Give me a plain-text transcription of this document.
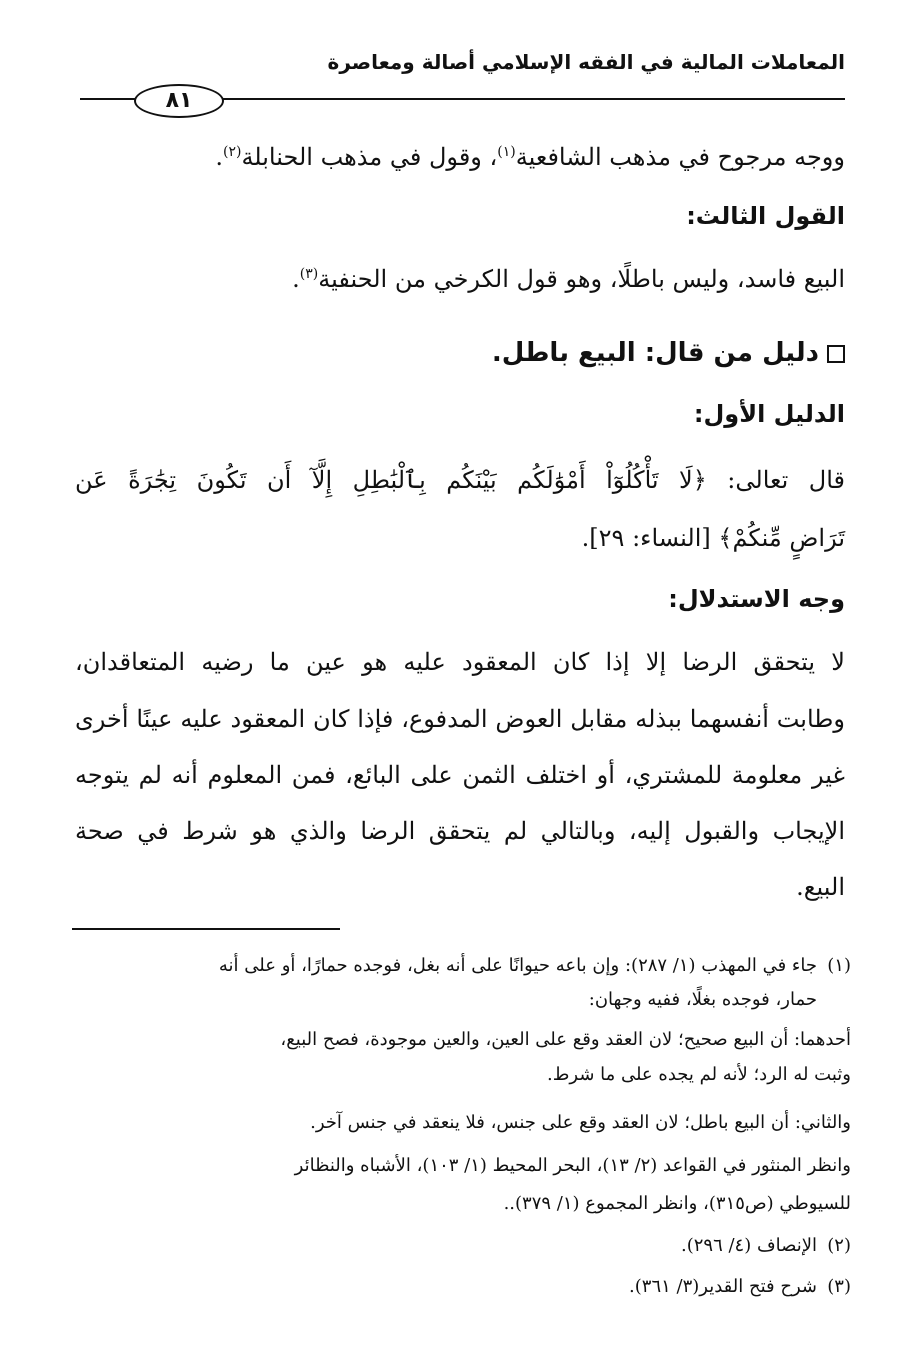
المعاملات المالية في الفقه الإسلامي أصالة ومعاصرة
٨١
ووجه مرجوح في مذهب الشافعية$^{(١)}$، وقول في مذهب الحنابلة$^{(٢)}$.
القول الثالث:
البيع فاسد، وليس باطلًا، وهو قول الكرخي من الحنفية$^{(٣)}$.
دليل من قال: البيع باطل.
الدليل الأول:
قال تعالى: ﴿لَا تَأْكُلُوٓاْ أَمْوَٰلَكُم بَيْنَكُم بِٱلْبَٰطِلِ إِلَّآ أَن تَكُونَ تِجَٰرَةً عَن
تَرَاضٍ مِّنكُمْ﴾ [النساء: ٢٩].
وجه الاستدلال:
لا يتحقق الرضا إلا إذا كان المعقود عليه هو عين ما رضيه المتعاقدان،
وطابت أنفسهما ببذله مقابل العوض المدفوع، فإذا كان المعقود عليه عينًا أخرى
غير معلومة للمشتري، أو اختلف الثمن على البائع، فمن المعلوم أنه لم يتوجه
الإيجاب والقبول إليه، وبالتالي لم يتحقق الرضا والذي هو شرط في صحة
البيع.
(١)جاء في المهذب (١/ ٢٨٧): وإن باعه حيوانًا على أنه بغل، فوجده حمارًا، أو على أنه
حمار، فوجده بغلًا، ففيه وجهان:
أحدهما: أن البيع صحيح؛ لان العقد وقع على العين، والعين موجودة، فصح البيع،
وثبت له الرد؛ لأنه لم يجده على ما شرط.
والثاني: أن البيع باطل؛ لان العقد وقع على جنس، فلا ينعقد في جنس آخر.
وانظر المنثور في القواعد (٢/ ١٣)، البحر المحيط (١/ ١٠٣)، الأشباه والنظائر
للسيوطي (ص٣١٥)، وانظر المجموع (١/ ٣٧٩)..
(٢)الإنصاف (٤/ ٢٩٦).
(٣)شرح فتح القدير(٣/ ٣٦١).
